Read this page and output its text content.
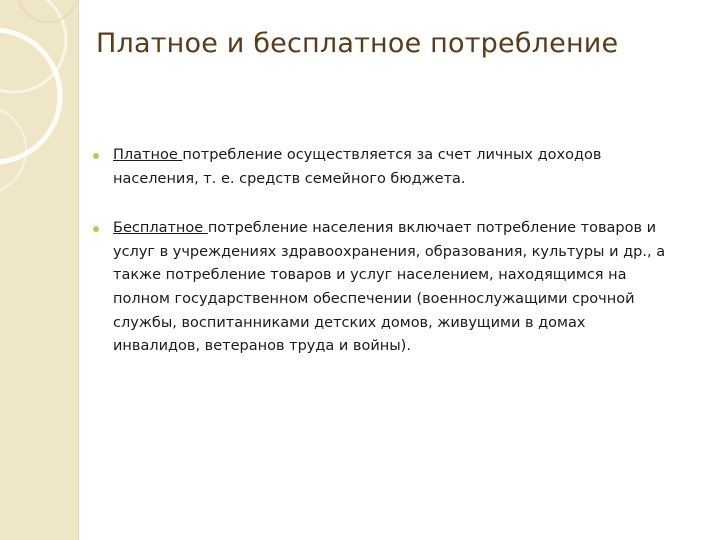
Платное и бесплатное потребление
Платное потребление осуществляется за счет личных доходов
населения, т. е. средств семейного бюджета.
Бесплатное потребление населения включает потребление товаров и
услуг в учреждениях здравоохранения, образования, культуры и др., а
также потребление товаров и услуг населением, находящимся на
полном государственном обеспечении (военнослужащими срочной
службы, воспитанниками детских домов, живущими в домах
инвалидов, ветеранов труда и войны).
